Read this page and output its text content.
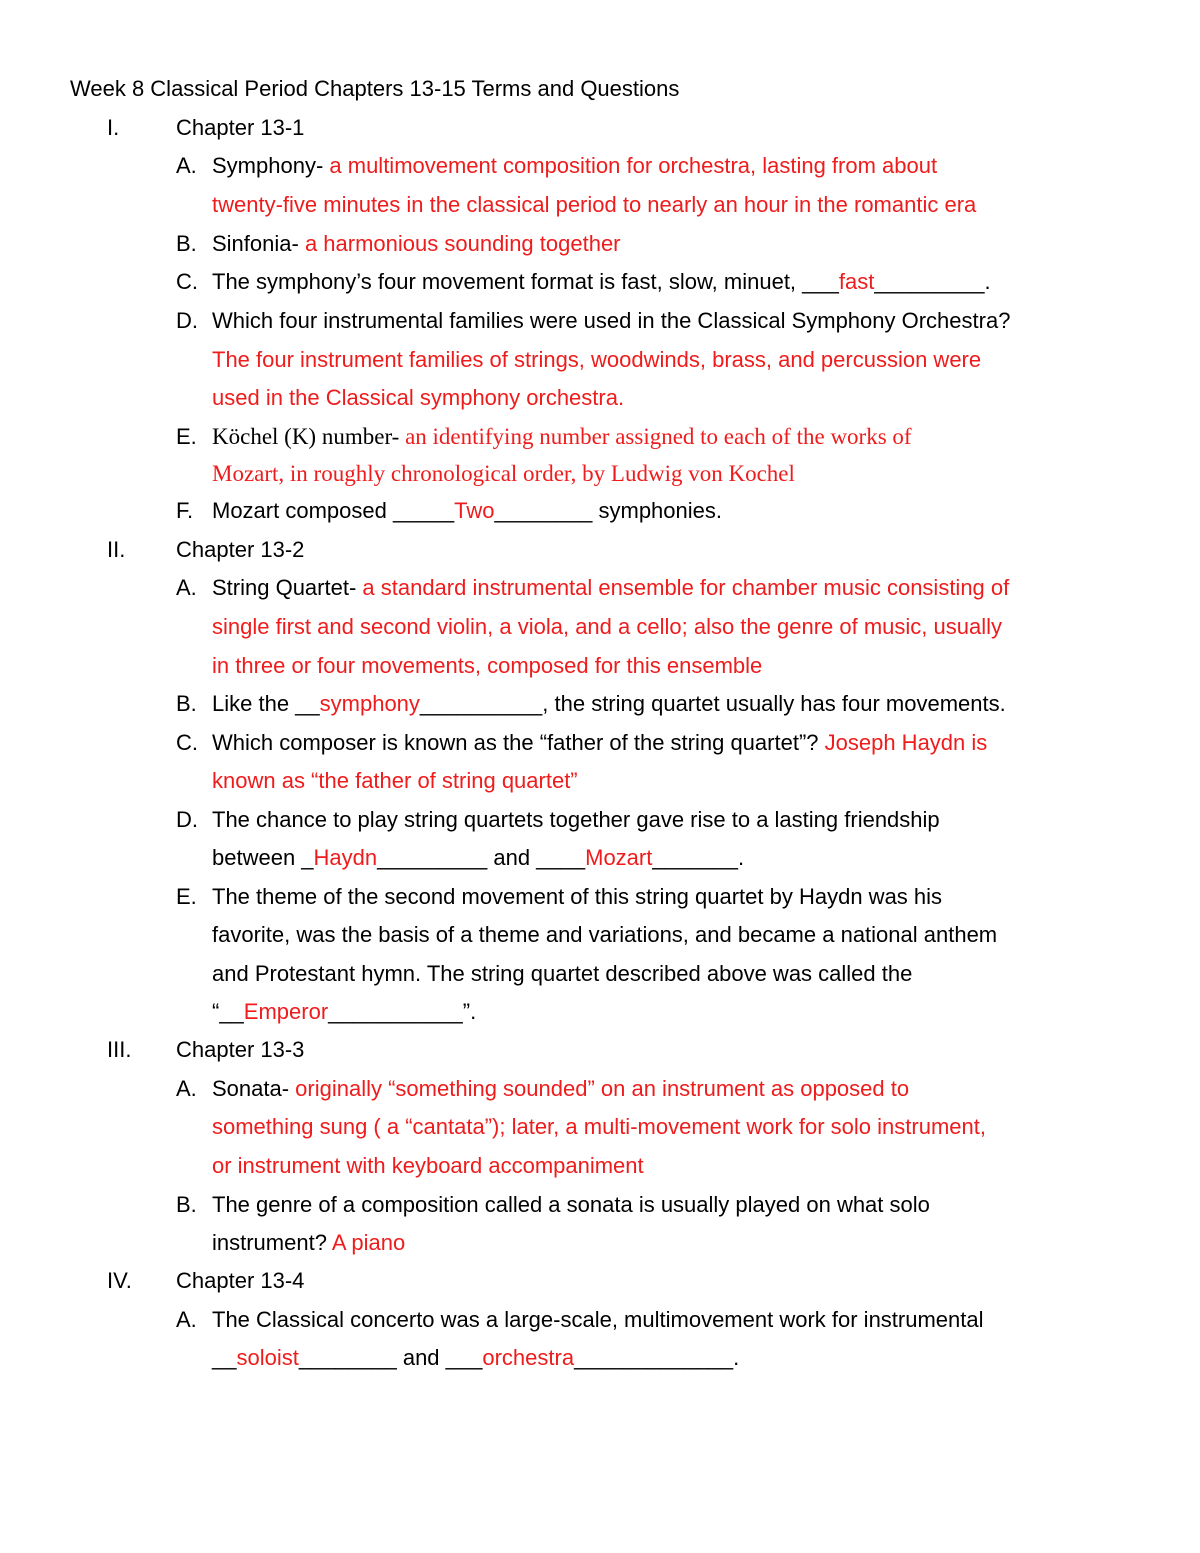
Week 8 Classical Period Chapters 13-15 Terms and Questions
I.	Chapter 13-1
A. Symphony- a multimovement composition for orchestra, lasting from about
twenty-five minutes in the classical period to nearly an hour in the romantic era
B. Sinfonia- a harmonious sounding together
C. The symphony’s four movement format is fast, slow, minuet, ___fast_________.
D. Which four instrumental families were used in the Classical Symphony Orchestra?
The four instrument families of strings, woodwinds, brass, and percussion were
used in the Classical symphony orchestra.
E. Köchel (K) number- an identifying number assigned to each of the works of
Mozart, in roughly chronological order, by Ludwig von Kochel
F. Mozart composed _____Two________ symphonies.
II. Chapter 13-2
A. String Quartet- a standard instrumental ensemble for chamber music consisting of
single first and second violin, a viola, and a cello; also the genre of music, usually
in three or four movements, composed for this ensemble
B. Like the __symphony__________, the string quartet usually has four movements.
C. Which composer is known as the “father of the string quartet”? Joseph Haydn is
known as “the father of string quartet”
D. The chance to play string quartets together gave rise to a lasting friendship
between _Haydn_________ and ____Mozart_______.
E. The theme of the second movement of this string quartet by Haydn was his
favorite, was the basis of a theme and variations, and became a national anthem
and Protestant hymn. The string quartet described above was called the
“__Emperor___________”.
III. Chapter 13-3
A. Sonata- originally “something sounded” on an instrument as opposed to
something sung ( a “cantata”); later, a multi-movement work for solo instrument,
or instrument with keyboard accompaniment
B. The genre of a composition called a sonata is usually played on what solo
instrument? A piano
IV. Chapter 13-4
A. The Classical concerto was a large-scale, multimovement work for instrumental
__soloist________ and ___orchestra_____________.
